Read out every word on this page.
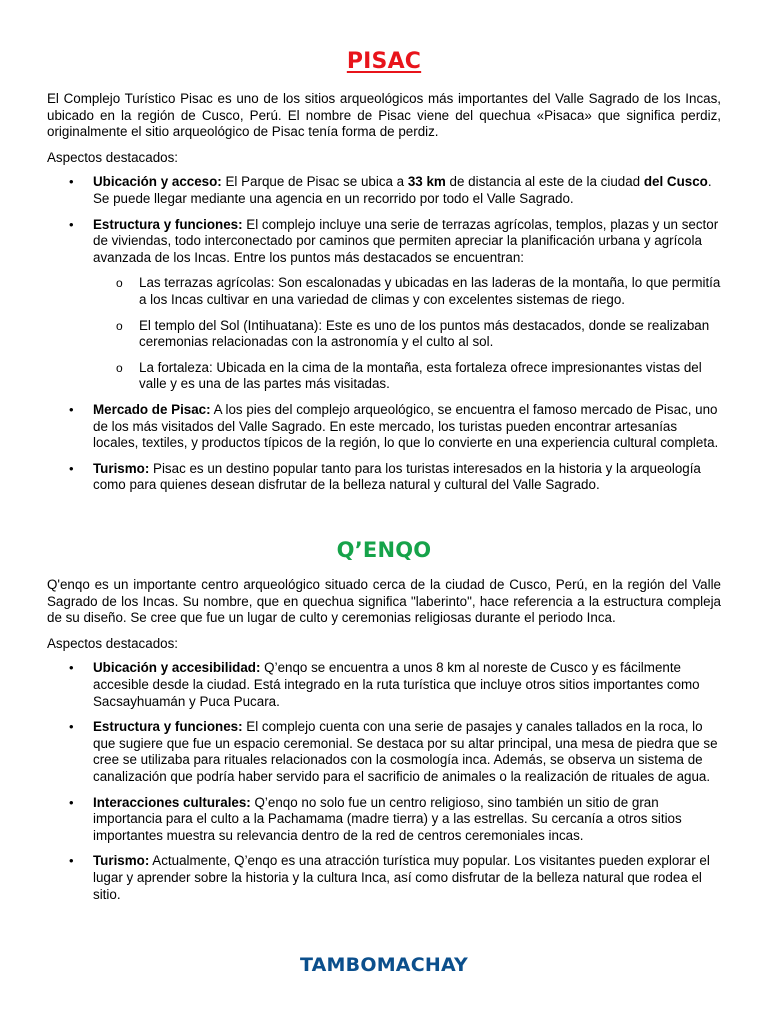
PISAC

El Complejo Turístico Pisac es uno de los sitios arqueológicos más importantes del Valle Sagrado de los Incas, ubicado en la región de Cusco, Perú. El nombre de Pisac viene del quechua «Pisaca» que significa perdiz, originalmente el sitio arqueológico de Pisac tenía forma de perdiz.

Aspectos destacados:

• Ubicación y acceso: El Parque de Pisac se ubica a 33 km de distancia al este de la ciudad del Cusco. Se puede llegar mediante una agencia en un recorrido por todo el Valle Sagrado.
• Estructura y funciones: El complejo incluye una serie de terrazas agrícolas, templos, plazas y un sector de viviendas, todo interconectado por caminos que permiten apreciar la planificación urbana y agrícola avanzada de los Incas. Entre los puntos más destacados se encuentran:
o Las terrazas agrícolas: Son escalonadas y ubicadas en las laderas de la montaña, lo que permitía a los Incas cultivar en una variedad de climas y con excelentes sistemas de riego.
o El templo del Sol (Intihuatana): Este es uno de los puntos más destacados, donde se realizaban ceremonias relacionadas con la astronomía y el culto al sol.
o La fortaleza: Ubicada en la cima de la montaña, esta fortaleza ofrece impresionantes vistas del valle y es una de las partes más visitadas.
• Mercado de Pisac: A los pies del complejo arqueológico, se encuentra el famoso mercado de Pisac, uno de los más visitados del Valle Sagrado. En este mercado, los turistas pueden encontrar artesanías locales, textiles, y productos típicos de la región, lo que lo convierte en una experiencia cultural completa.
• Turismo: Pisac es un destino popular tanto para los turistas interesados en la historia y la arqueología como para quienes desean disfrutar de la belleza natural y cultural del Valle Sagrado.
Q’ENQO

Q'enqo es un importante centro arqueológico situado cerca de la ciudad de Cusco, Perú, en la región del Valle Sagrado de los Incas. Su nombre, que en quechua significa "laberinto", hace referencia a la estructura compleja de su diseño. Se cree que fue un lugar de culto y ceremonias religiosas durante el periodo Inca.

Aspectos destacados:

• Ubicación y accesibilidad: Q’enqo se encuentra a unos 8 km al noreste de Cusco y es fácilmente accesible desde la ciudad. Está integrado en la ruta turística que incluye otros sitios importantes como Sacsayhuamán y Puca Pucara.
• Estructura y funciones: El complejo cuenta con una serie de pasajes y canales tallados en la roca, lo que sugiere que fue un espacio ceremonial. Se destaca por su altar principal, una mesa de piedra que se cree se utilizaba para rituales relacionados con la cosmología inca. Además, se observa un sistema de canalización que podría haber servido para el sacrificio de animales o la realización de rituales de agua.
• Interacciones culturales: Q’enqo no solo fue un centro religioso, sino también un sitio de gran importancia para el culto a la Pachamama (madre tierra) y a las estrellas. Su cercanía a otros sitios importantes muestra su relevancia dentro de la red de centros ceremoniales incas.
• Turismo: Actualmente, Q’enqo es una atracción turística muy popular. Los visitantes pueden explorar el lugar y aprender sobre la historia y la cultura Inca, así como disfrutar de la belleza natural que rodea el sitio.
TAMBOMACHAY
